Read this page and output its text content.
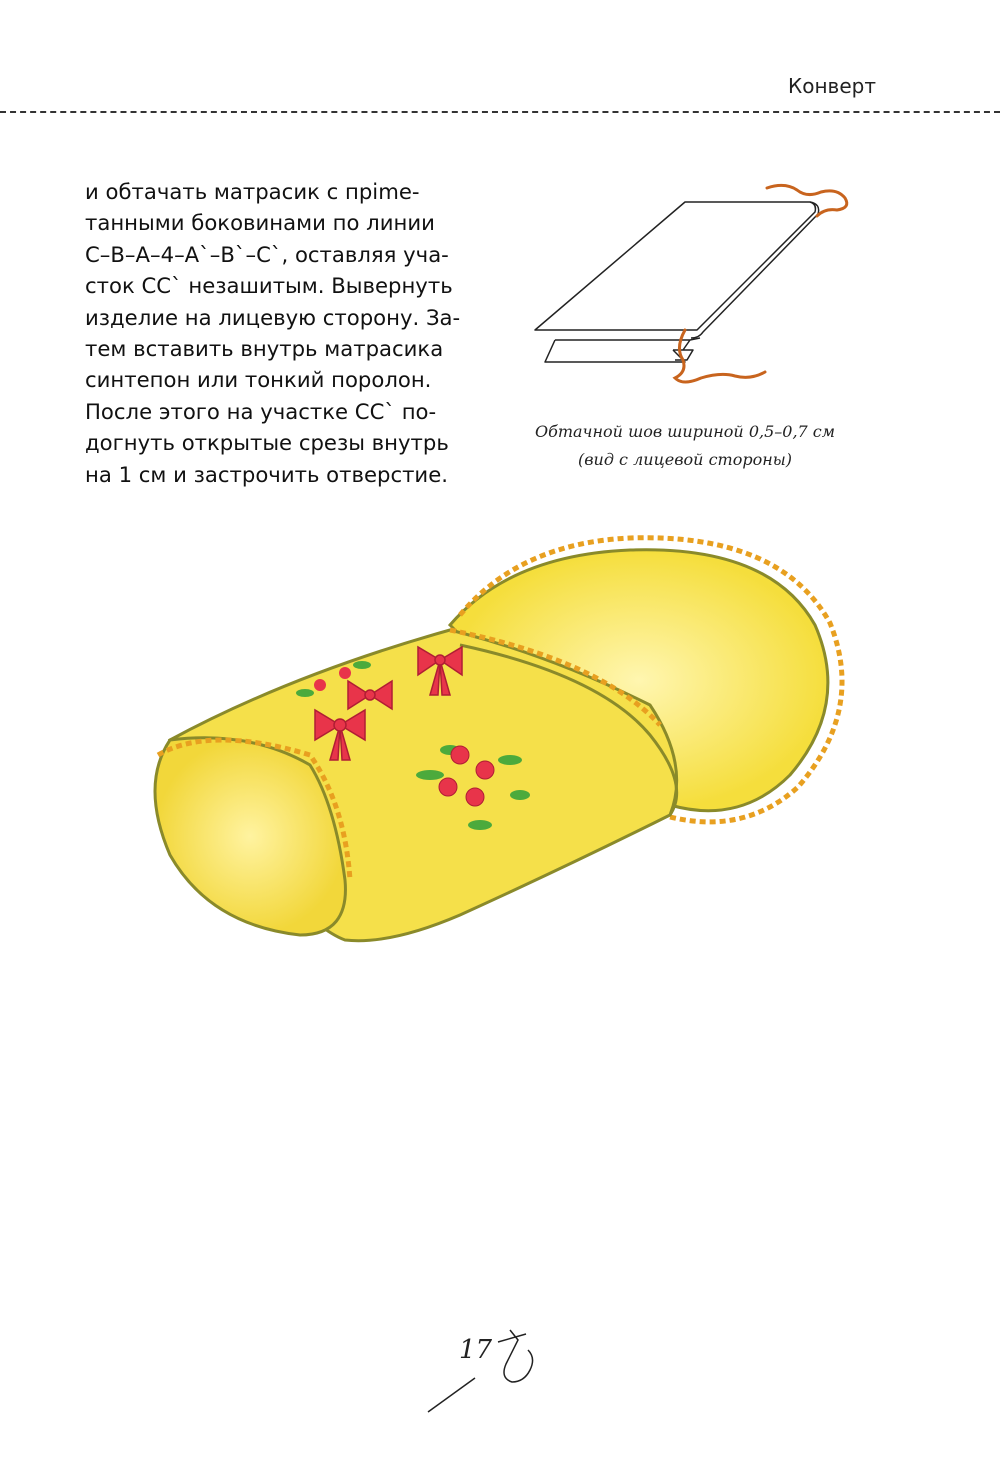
Конверт
и обтачать матрасик с прime-
танными боковинами по линии
С–В–А–4–А`–В`–С`, оставляя уча-
сток СС` незашитым. Вывернуть
изделие на лицевую сторону. За-
тем вставить внутрь матрасика
синтепон или тонкий поролон.
После этого на участке СС` по-
догнуть открытые срезы внутрь
на 1 см и застрочить отверстие.
Обтачной шов шириной 0,5–0,7 см
(вид с лицевой стороны)
17
